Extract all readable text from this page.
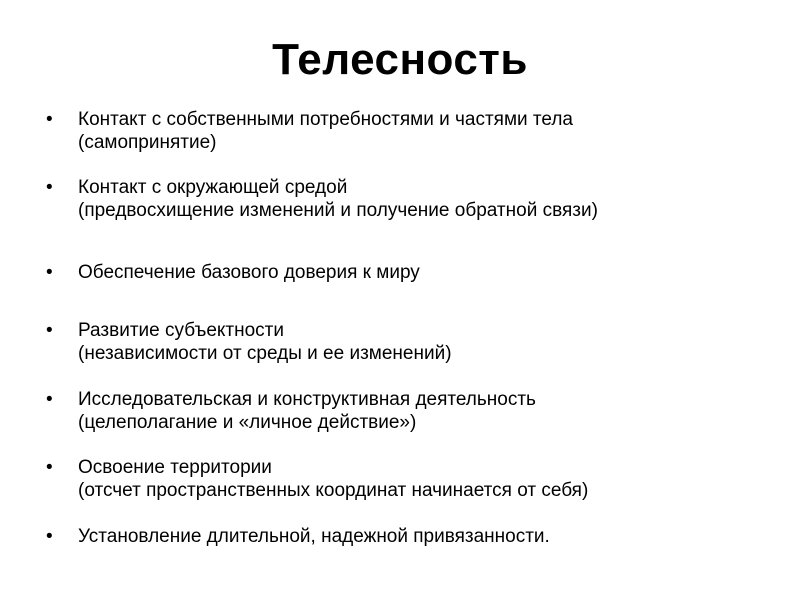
Телесность
•	Контакт с собственными потребностями и частями тела
(самопринятие)
•	Контакт с окружающей средой
(предвосхищение изменений и получение обратной связи)
•	Обеспечение базового доверия к миру
•	Развитие субъектности
(независимости от среды и ее изменений)
•	Исследовательская и конструктивная деятельность
(целеполагание и «личное действие»)
•	Освоение территории
(отсчет пространственных координат начинается от себя)
•	Установление длительной, надежной привязанности.
